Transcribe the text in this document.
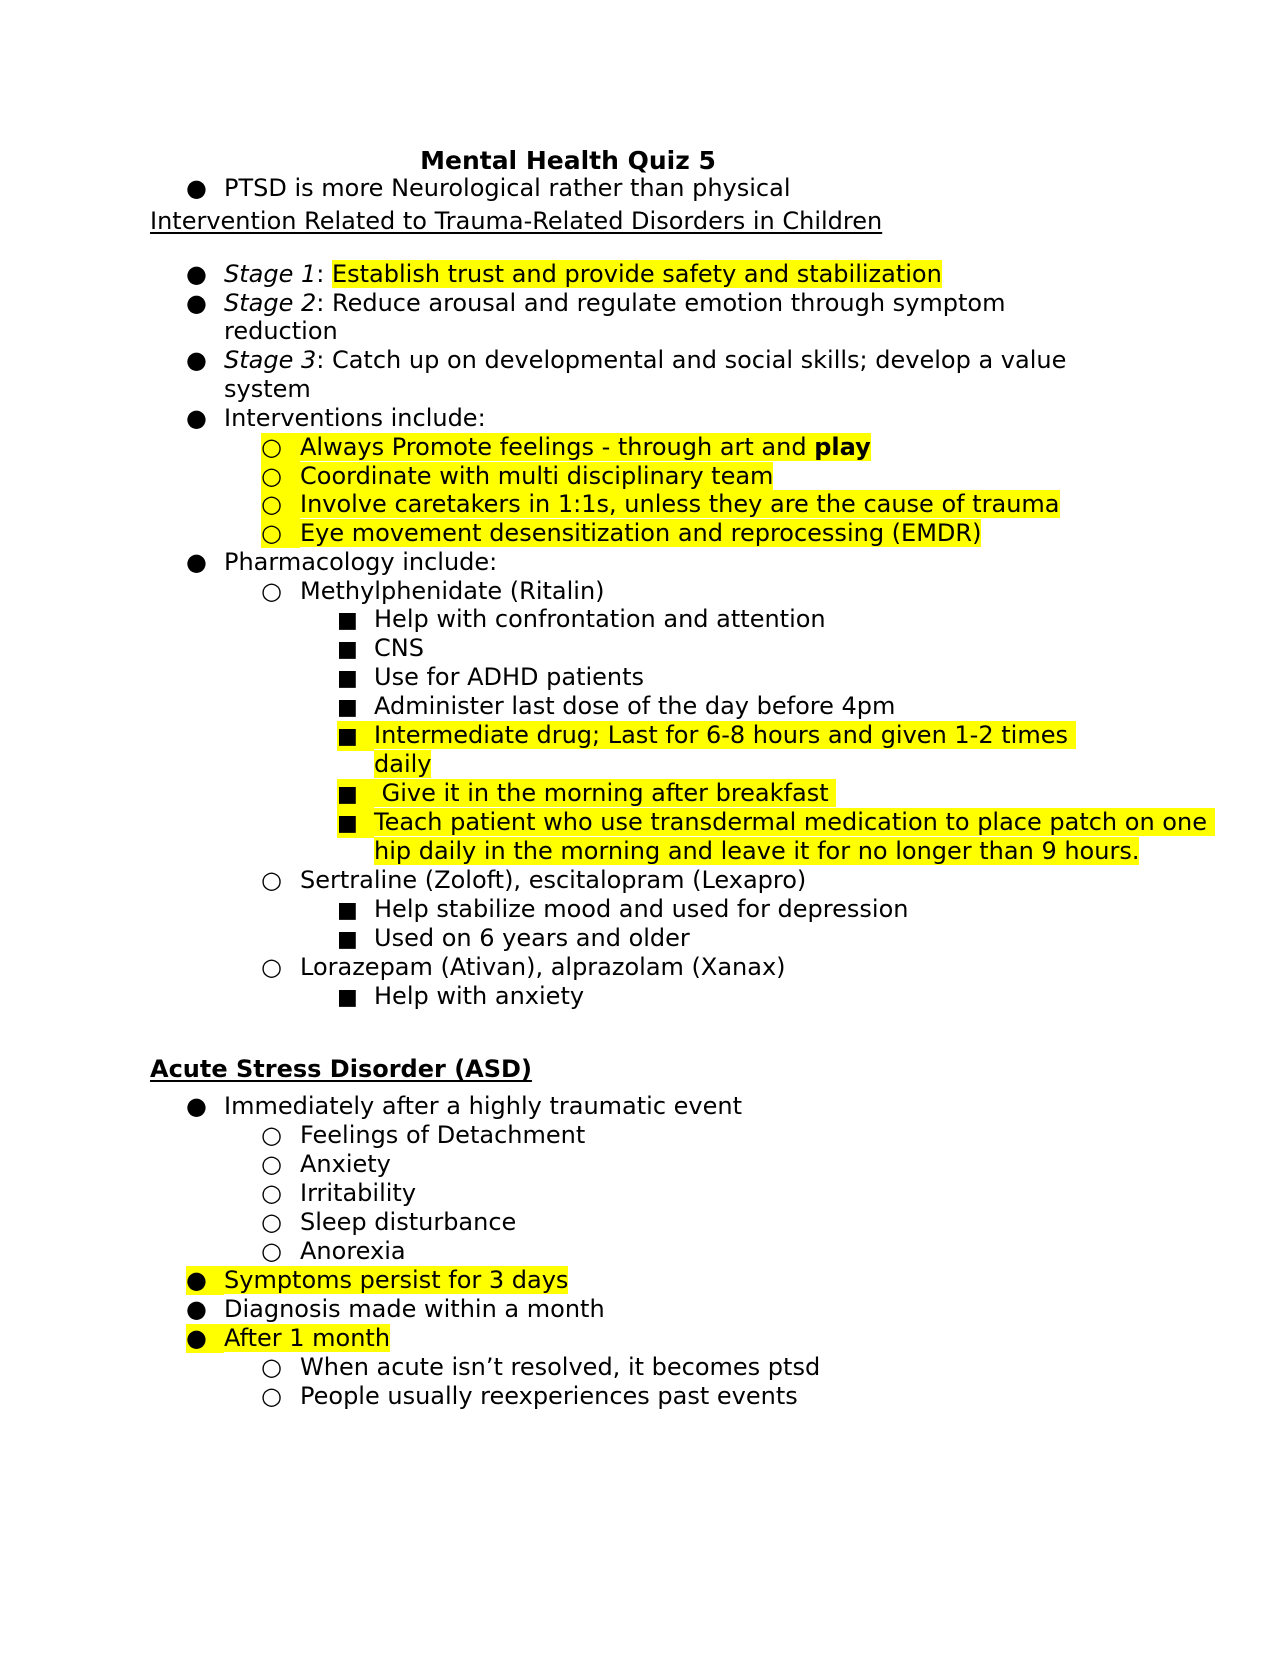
Mental Health Quiz 5
● PTSD is more Neurological rather than physical
Intervention Related to Trauma-Related Disorders in Children
● Stage 1: Establish trust and provide safety and stabilization
● Stage 2: Reduce arousal and regulate emotion through symptom
reduction
● Stage 3: Catch up on developmental and social skills; develop a value
system
● Interventions include:
○ Always Promote feelings - through art and play
○ Coordinate with multi disciplinary team
○ Involve caretakers in 1:1s, unless they are the cause of trauma
○ Eye movement desensitization and reprocessing (EMDR)
● Pharmacology include:
○ Methylphenidate (Ritalin)
■ Help with confrontation and attention
■ CNS
■ Use for ADHD patients
■ Administer last dose of the day before 4pm
■ Intermediate drug; Last for 6-8 hours and given 1-2 times
daily
■ Give it in the morning after breakfast
■ Teach patient who use transdermal medication to place patch on one
hip daily in the morning and leave it for no longer than 9 hours.
○ Sertraline (Zoloft), escitalopram (Lexapro)
■ Help stabilize mood and used for depression
■ Used on 6 years and older
○ Lorazepam (Ativan), alprazolam (Xanax)
■ Help with anxiety
Acute Stress Disorder (ASD)
● Immediately after a highly traumatic event
○ Feelings of Detachment
○ Anxiety
○ Irritability
○ Sleep disturbance
○ Anorexia
● Symptoms persist for 3 days
● Diagnosis made within a month
● After 1 month
○ When acute isn’t resolved, it becomes ptsd
○ People usually reexperiences past events
